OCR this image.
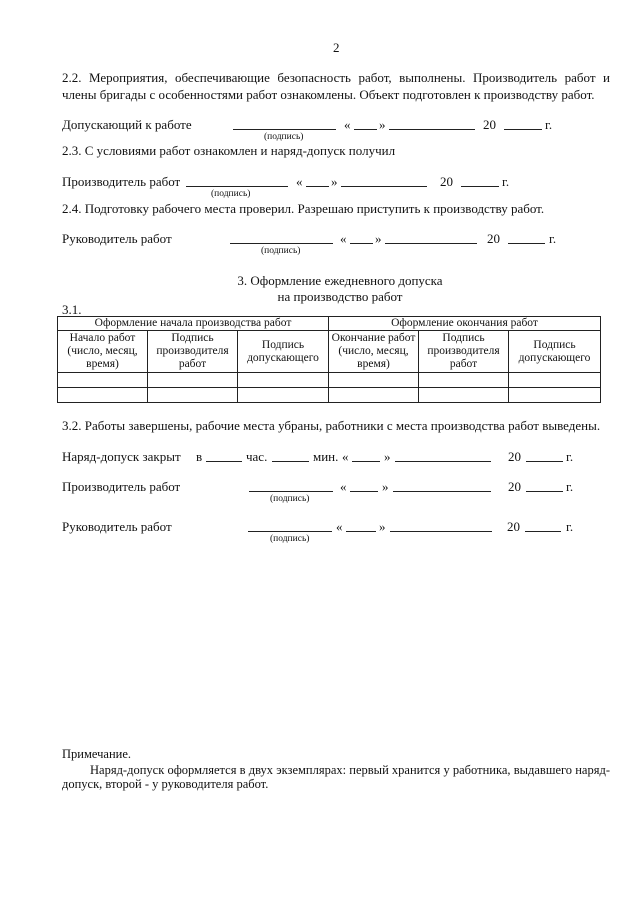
2
2.2. Мероприятия, обеспечивающие безопасность работ, выполнены. Производитель работ и
члены бригады с особенностями работ ознакомлены. Объект подготовлен к производству работ.
Допускающий к работе
(подпись)
« »	20	г.
2.3. С условиями работ ознакомлен и наряд-допуск получил
Производитель работ
(подпись)
« »	20	г.
2.4. Подготовку рабочего места проверил. Разрешаю приступить к производству работ.
Руководитель работ
(подпись)
« »	20	г.
3. Оформление ежедневного допуска
на производство работ
3.1.
Оформление начала производства работ			Оформление окончания работ		
Начало работ (число, месяц, время)	Подпись производителя работ	Подпись допускающего	Окончание работ (число, месяц, время)	Подпись производителя работ	Подпись допускающего

3.2. Работы завершены, рабочие места убраны, работники с места производства работ выведены.
Наряд-допуск закрыт в	час.	мин. «	»	20	г.
Производитель работ
(подпись)
«	»	20	г.
Руководитель работ
(подпись)
«	»	20	г.
Примечание.
Наряд-допуск оформляется в двух экземплярах: первый хранится у работника, выдавшего наряд-
допуск, второй - у руководителя работ.
